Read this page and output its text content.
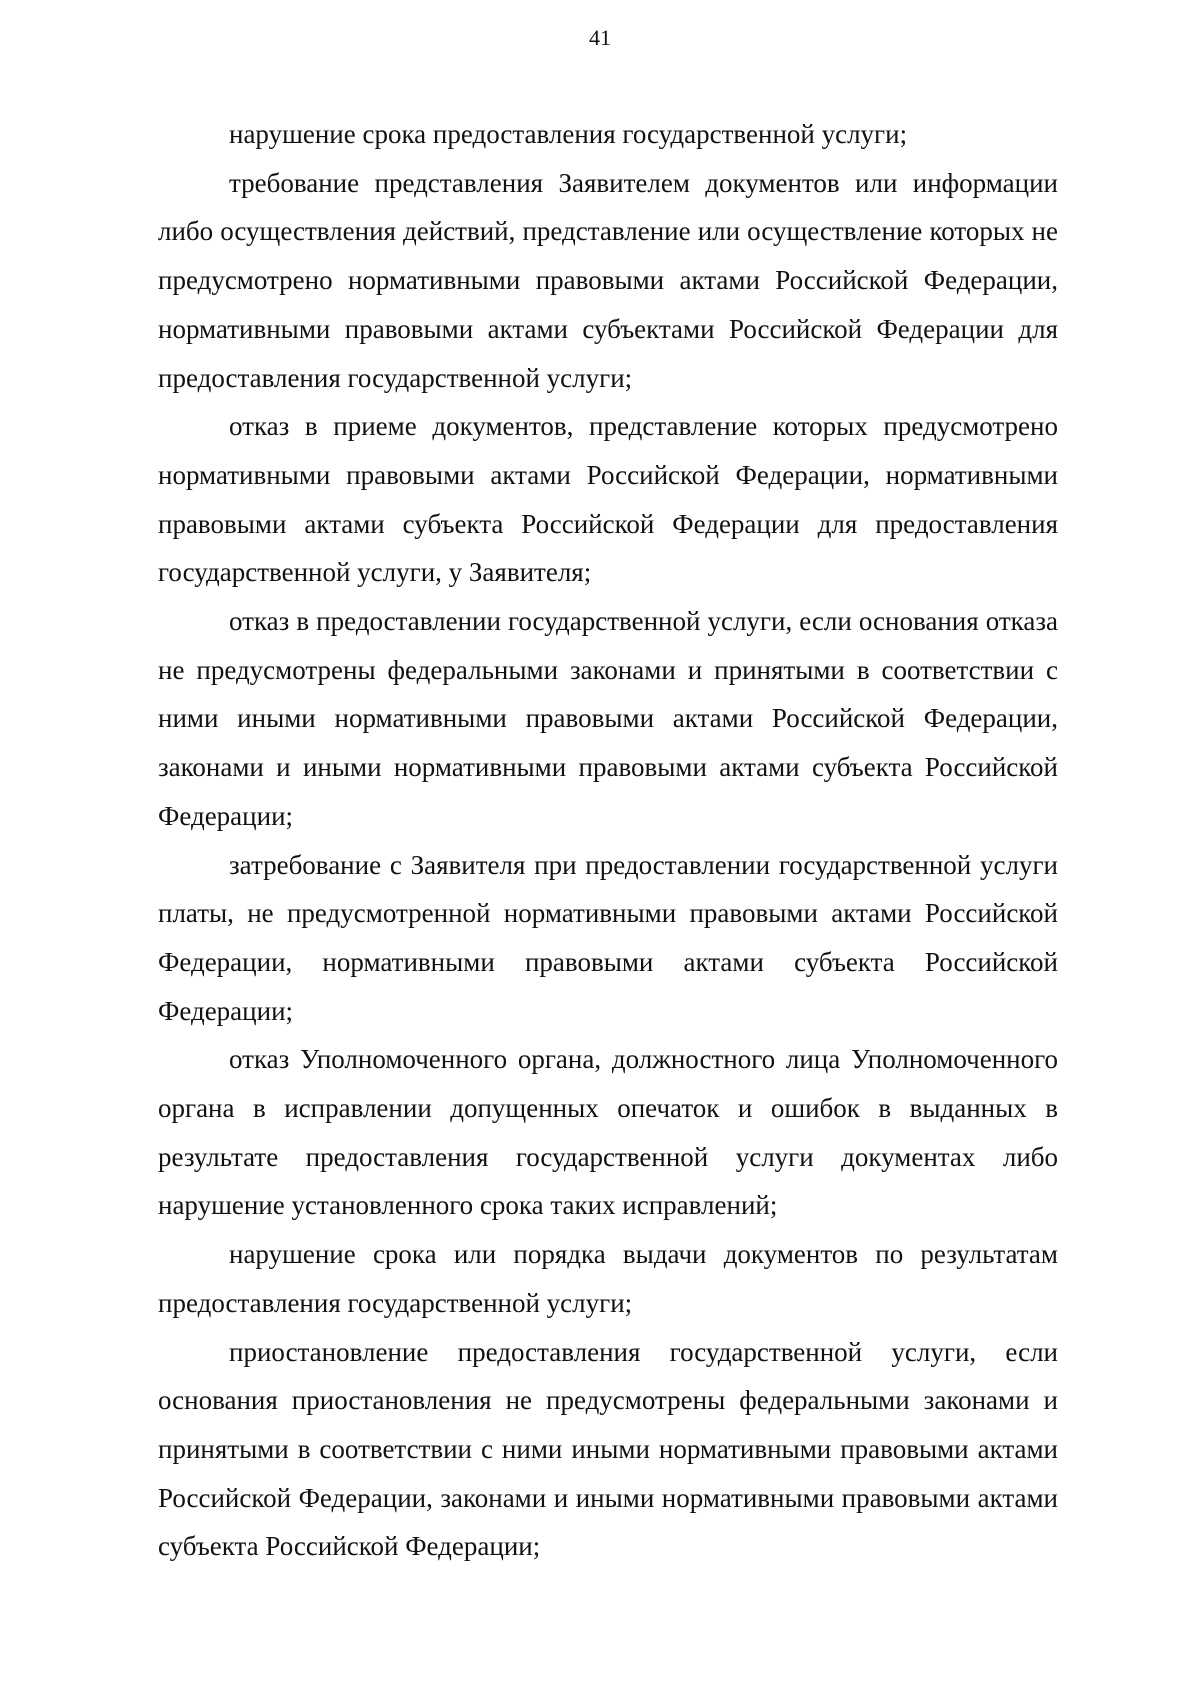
41

нарушение срока предоставления государственной услуги;

требование представления Заявителем документов или информации либо осуществления действий, представление или осуществление которых не предусмотрено нормативными правовыми актами Российской Федерации, нормативными правовыми актами субъектами Российской Федерации для предоставления государственной услуги;

отказ в приеме документов, представление которых предусмотрено нормативными правовыми актами Российской Федерации, нормативными правовыми актами субъекта Российской Федерации для предоставления государственной услуги, у Заявителя;

отказ в предоставлении государственной услуги, если основания отказа не предусмотрены федеральными законами и принятыми в соответствии с ними иными нормативными правовыми актами Российской Федерации, законами и иными нормативными правовыми актами субъекта Российской Федерации;

затребование с Заявителя при предоставлении государственной услуги платы, не предусмотренной нормативными правовыми актами Российской Федерации, нормативными правовыми актами субъекта Российской Федерации;

отказ Уполномоченного органа, должностного лица Уполномоченного органа в исправлении допущенных опечаток и ошибок в выданных в результате предоставления государственной услуги документах либо нарушение установленного срока таких исправлений;

нарушение срока или порядка выдачи документов по результатам предоставления государственной услуги;

приостановление предоставления государственной услуги, если основания приостановления не предусмотрены федеральными законами и принятыми в соответствии с ними иными нормативными правовыми актами Российской Федерации, законами и иными нормативными правовыми актами субъекта Российской Федерации;
